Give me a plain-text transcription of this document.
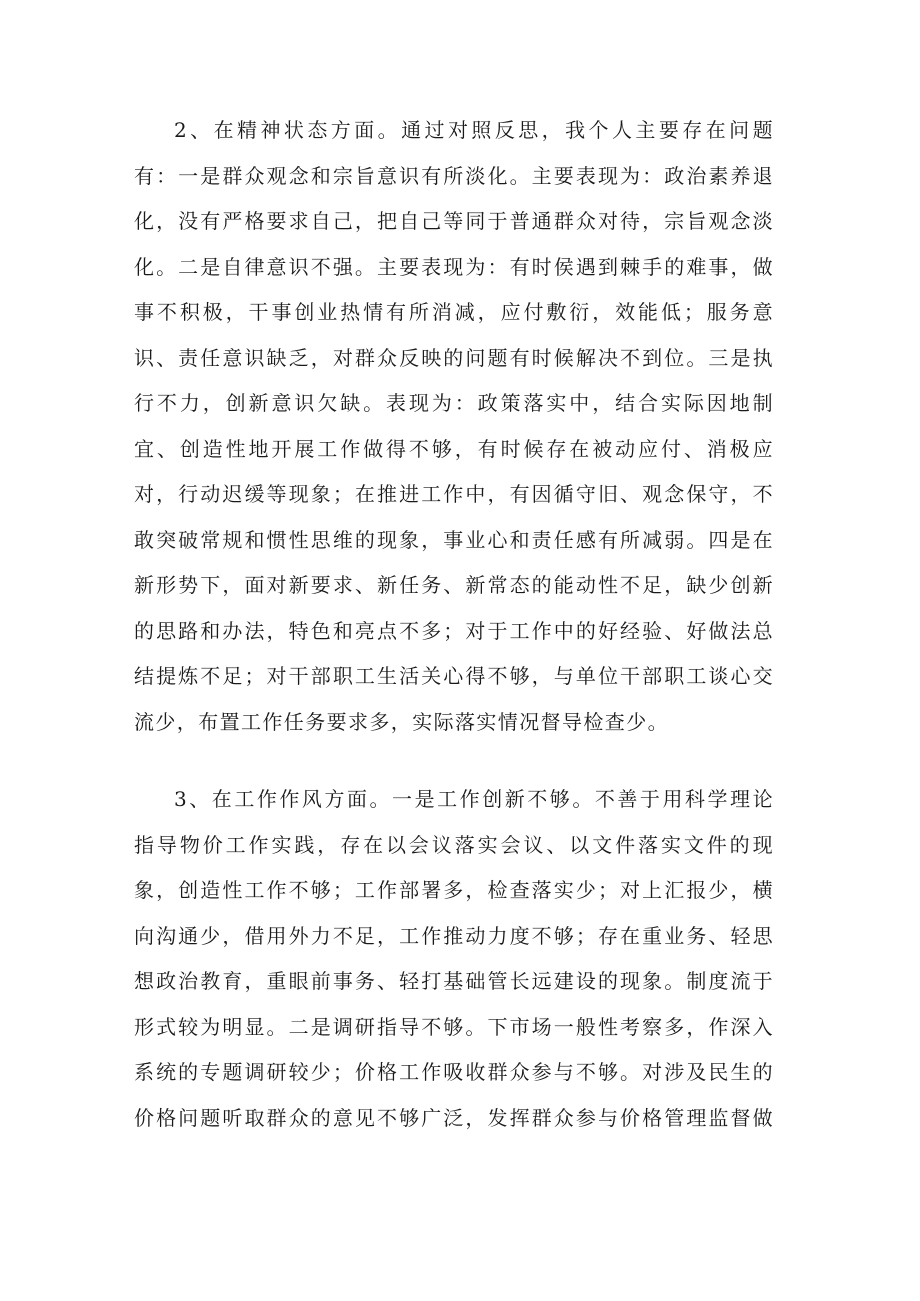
2、在精神状态方面。通过对照反思，我个人主要存在问题
有：一是群众观念和宗旨意识有所淡化。主要表现为：政治素养退
化，没有严格要求自己，把自己等同于普通群众对待，宗旨观念淡
化。二是自律意识不强。主要表现为：有时侯遇到棘手的难事，做
事不积极，干事创业热情有所消减，应付敷衍，效能低；服务意
识、责任意识缺乏，对群众反映的问题有时候解决不到位。三是执
行不力，创新意识欠缺。表现为：政策落实中，结合实际因地制
宜、创造性地开展工作做得不够，有时候存在被动应付、消极应
对，行动迟缓等现象；在推进工作中，有因循守旧、观念保守，不
敢突破常规和惯性思维的现象，事业心和责任感有所减弱。四是在
新形势下，面对新要求、新任务、新常态的能动性不足，缺少创新
的思路和办法，特色和亮点不多；对于工作中的好经验、好做法总
结提炼不足；对干部职工生活关心得不够，与单位干部职工谈心交
流少，布置工作任务要求多，实际落实情况督导检查少。
3、在工作作风方面。一是工作创新不够。不善于用科学理论
指导物价工作实践，存在以会议落实会议、以文件落实文件的现
象，创造性工作不够；工作部署多，检查落实少；对上汇报少，横
向沟通少，借用外力不足，工作推动力度不够；存在重业务、轻思
想政治教育，重眼前事务、轻打基础管长远建设的现象。制度流于
形式较为明显。二是调研指导不够。下市场一般性考察多，作深入
系统的专题调研较少；价格工作吸收群众参与不够。对涉及民生的
价格问题听取群众的意见不够广泛，发挥群众参与价格管理监督做
